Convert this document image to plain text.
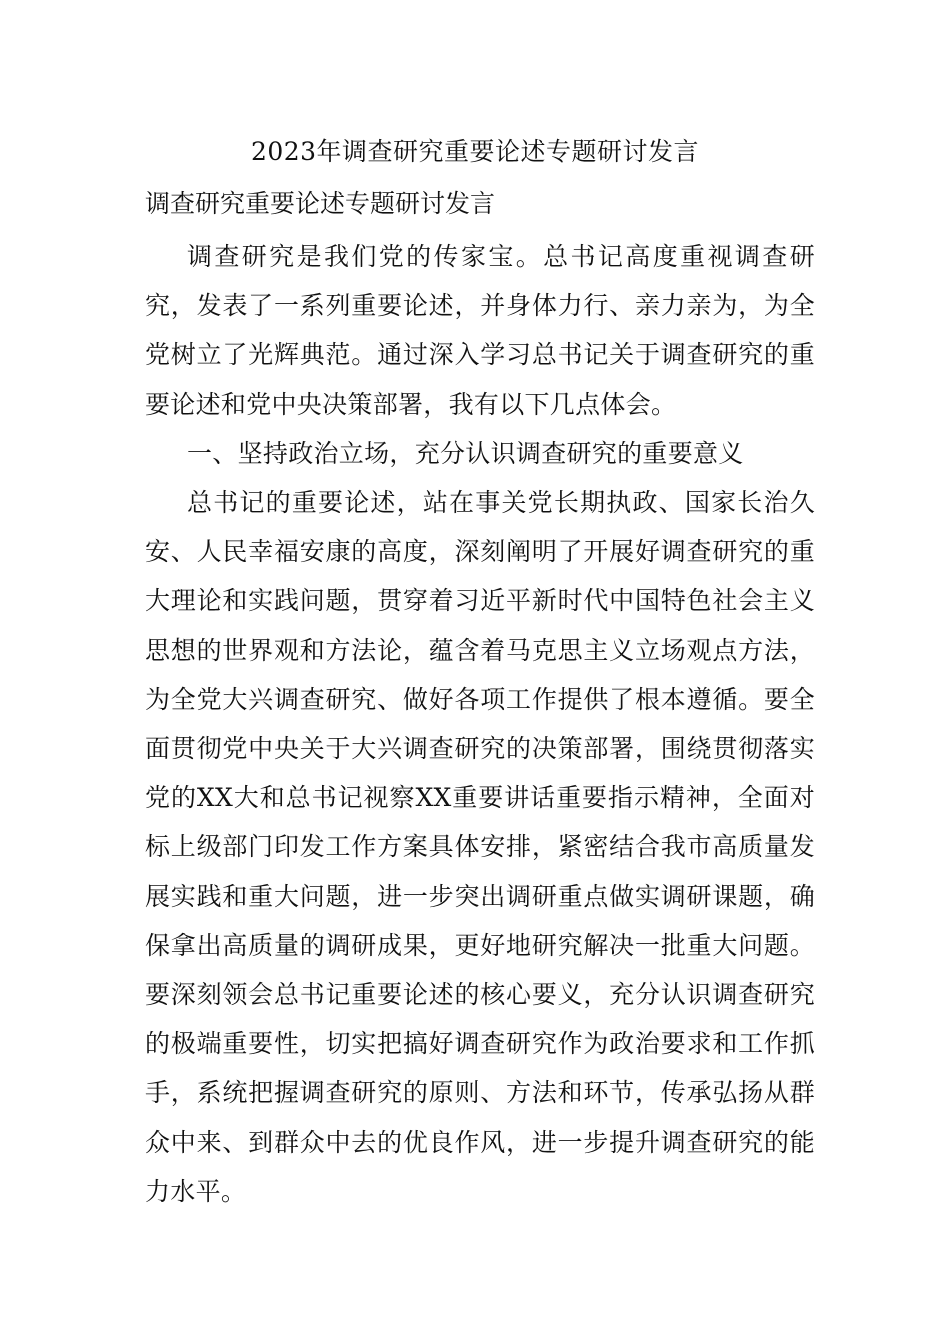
2023年调查研究重要论述专题研讨发言

调查研究重要论述专题研讨发言

调查研究是我们党的传家宝。总书记高度重视调查研究，发表了一系列重要论述，并身体力行、亲力亲为，为全党树立了光辉典范。通过深入学习总书记关于调查研究的重要论述和党中央决策部署，我有以下几点体会。

一、坚持政治立场，充分认识调查研究的重要意义

总书记的重要论述，站在事关党长期执政、国家长治久安、人民幸福安康的高度，深刻阐明了开展好调查研究的重大理论和实践问题，贯穿着习近平新时代中国特色社会主义思想的世界观和方法论，蕴含着马克思主义立场观点方法，为全党大兴调查研究、做好各项工作提供了根本遵循。要全面贯彻党中央关于大兴调查研究的决策部署，围绕贯彻落实党的XX大和总书记视察XX重要讲话重要指示精神，全面对标上级部门印发工作方案具体安排，紧密结合我市高质量发展实践和重大问题，进一步突出调研重点做实调研课题，确保拿出高质量的调研成果，更好地研究解决一批重大问题。要深刻领会总书记重要论述的核心要义，充分认识调查研究的极端重要性，切实把搞好调查研究作为政治要求和工作抓手，系统把握调查研究的原则、方法和环节，传承弘扬从群众中来、到群众中去的优良作风，进一步提升调查研究的能力水平。
